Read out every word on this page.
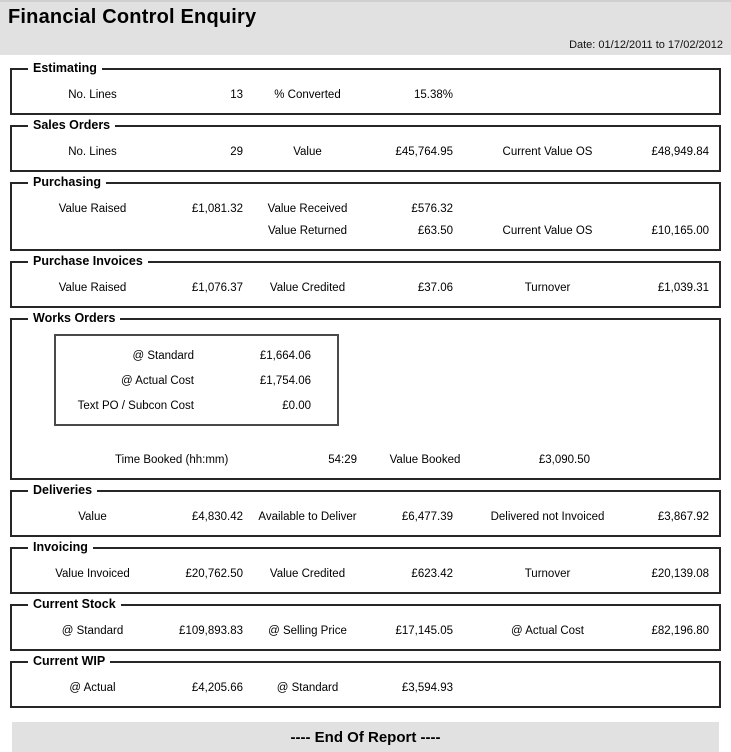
Financial Control Enquiry
Date: 01/12/2011 to 17/02/2012
Estimating
No. Lines	13	% Converted	15.38%
Sales Orders
No. Lines	29	Value	£45,764.95	Current Value OS	£48,949.84
Purchasing
Value Raised	£1,081.32	Value Received	£576.32
Value Returned	£63.50	Current Value OS	£10,165.00
Purchase Invoices
Value Raised	£1,076.37	Value Credited	£37.06	Turnover	£1,039.31
Works Orders
@ Standard	£1,664.06
@ Actual Cost	£1,754.06
Text PO / Subcon Cost	£0.00
Time Booked (hh:mm)	54:29	Value Booked	£3,090.50
Deliveries
Value	£4,830.42	Available to Deliver	£6,477.39	Delivered not Invoiced	£3,867.92
Invoicing
Value Invoiced	£20,762.50	Value Credited	£623.42	Turnover	£20,139.08
Current Stock
@ Standard	£109,893.83	@ Selling Price	£17,145.05	@ Actual Cost	£82,196.80
Current WIP
@ Actual	£4,205.66	@ Standard	£3,594.93
---- End Of Report ----
